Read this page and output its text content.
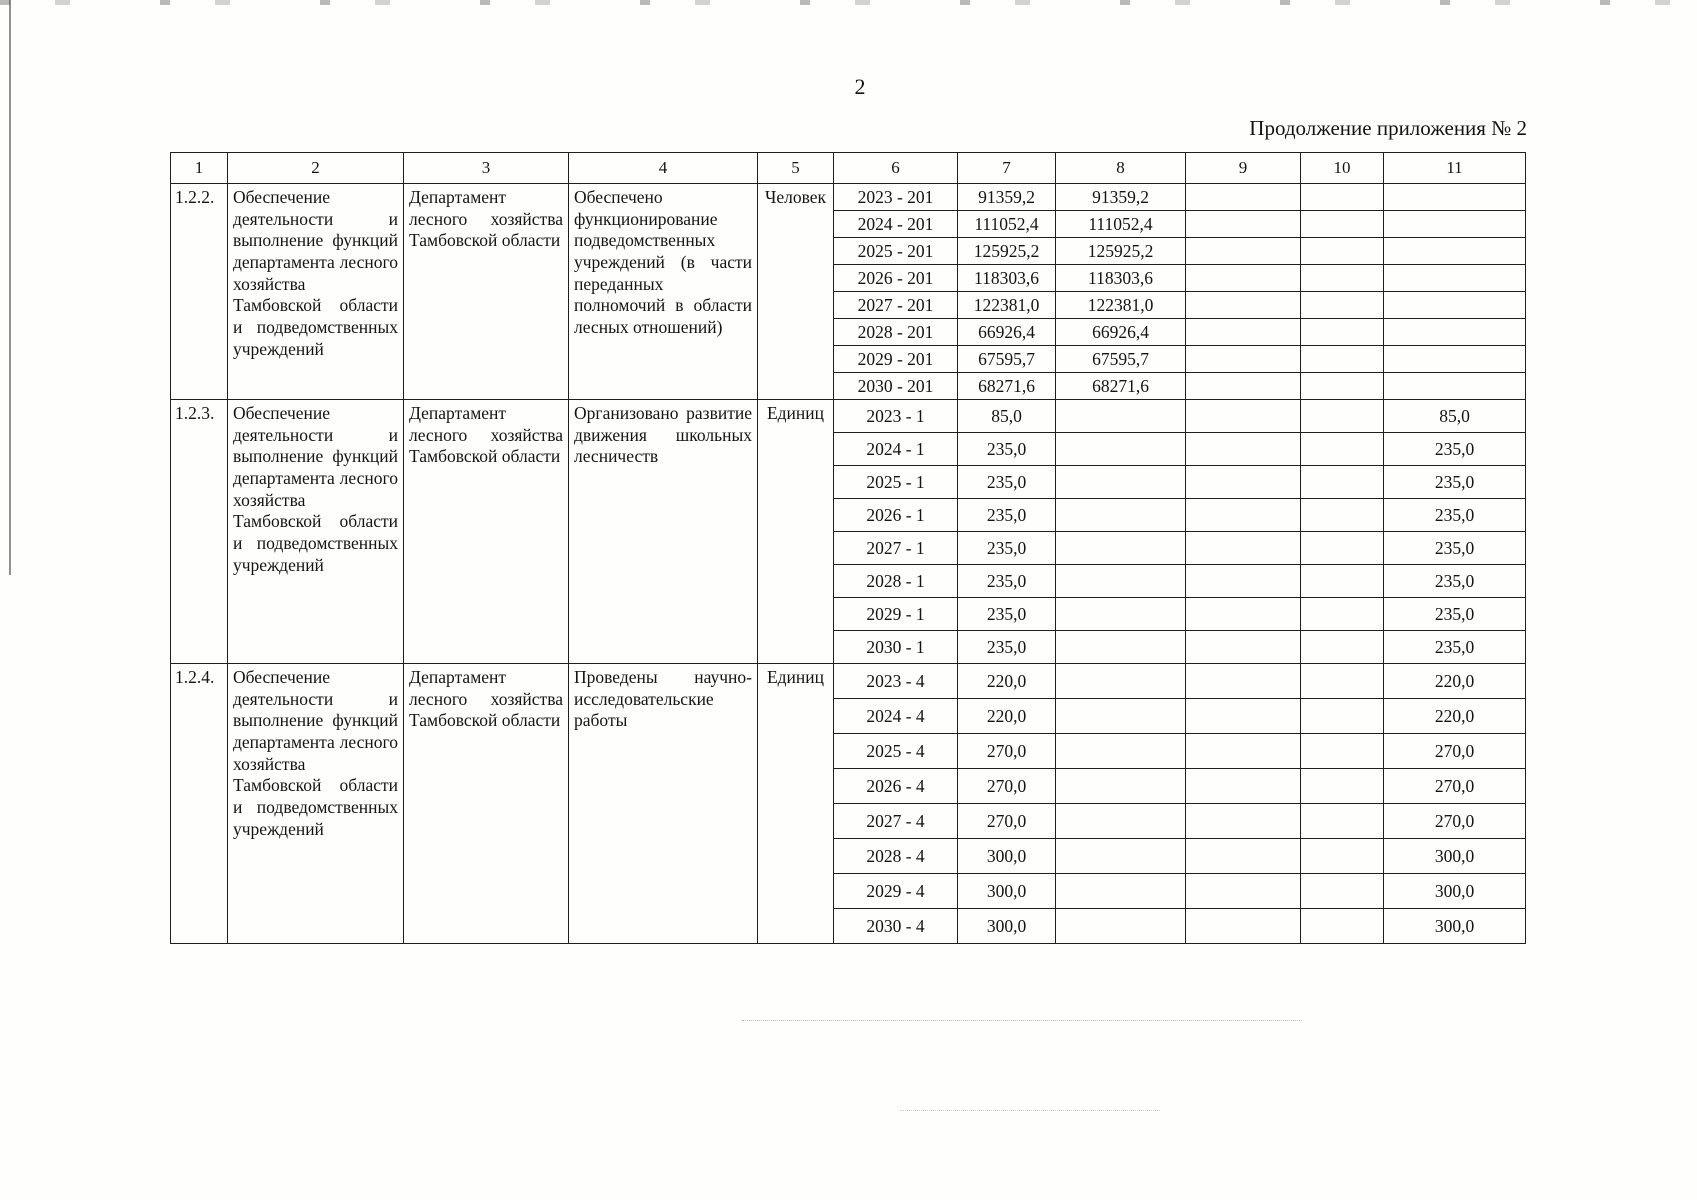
2
Продолжение приложения № 2
1	2	3	4	5	6	7	8	9	10	11
1.2.2.	Обеспечение деятельности и выполнение функций департамента лесного хозяйства Тамбовской области и подведомственных учреждений	Департамент лесного хозяйства Тамбовской области	Обеспечено функционирование подведомственных учреждений (в части переданных полномочий в области лесных отношений)	Человек	2023 - 201	91359,2	91359,2			
					2024 - 201	111052,4	111052,4			
					2025 - 201	125925,2	125925,2			
					2026 - 201	118303,6	118303,6			
					2027 - 201	122381,0	122381,0			
					2028 - 201	66926,4	66926,4			
					2029 - 201	67595,7	67595,7			
					2030 - 201	68271,6	68271,6			
1.2.3.	Обеспечение деятельности и выполнение функций департамента лесного хозяйства Тамбовской области и подведомственных учреждений	Департамент лесного хозяйства Тамбовской области	Организовано развитие движения школьных лесничеств	Единиц	2023 - 1	85,0				85,0
					2024 - 1	235,0				235,0
					2025 - 1	235,0				235,0
					2026 - 1	235,0				235,0
					2027 - 1	235,0				235,0
					2028 - 1	235,0				235,0
					2029 - 1	235,0				235,0
					2030 - 1	235,0				235,0
1.2.4.	Обеспечение деятельности и выполнение функций департамента лесного хозяйства Тамбовской области и подведомственных учреждений	Департамент лесного хозяйства Тамбовской области	Проведены научно-исследовательские работы	Единиц	2023 - 4	220,0				220,0
					2024 - 4	220,0				220,0
					2025 - 4	270,0				270,0
					2026 - 4	270,0				270,0
					2027 - 4	270,0				270,0
					2028 - 4	300,0				300,0
					2029 - 4	300,0				300,0
					2030 - 4	300,0				300,0
